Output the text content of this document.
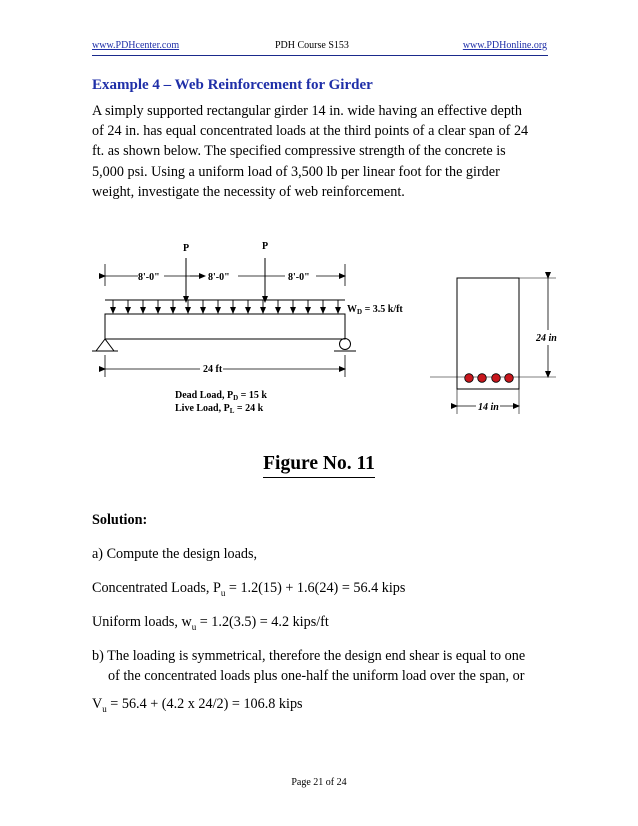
www.PDHcenter.com	PDH Course S153	www.PDHonline.org
Example 4 – Web Reinforcement for Girder
A simply supported rectangular girder 14 in. wide having an effective depth
of 24 in. has equal concentrated loads at the third points of a clear span of 24
ft. as shown below. The specified compressive strength of the concrete is
5,000 psi. Using a uniform load of 3,500 lb per linear foot for the girder
weight, investigate the necessity of web reinforcement.
P	P
8'-0"	8'-0"	8'-0"
$W_D = 3.5$ k/ft
24 ft
Dead Load, $P_D = 15$ k
Live Load, $P_L = 24$ k
24 in
14 in
Figure No. 11
Solution:
a) Compute the design loads,
Concentrated Loads, $P_u = 1.2(15) + 1.6(24) = 56.4$ kips
Uniform loads, $w_u = 1.2(3.5) = 4.2$ kips/ft
b) The loading is symmetrical, therefore the design end shear is equal to one
of the concentrated loads plus one-half the uniform load over the span, or
$V_u = 56.4 + (4.2$ x 24/2) = 106.8 kips
Page 21 of 24
